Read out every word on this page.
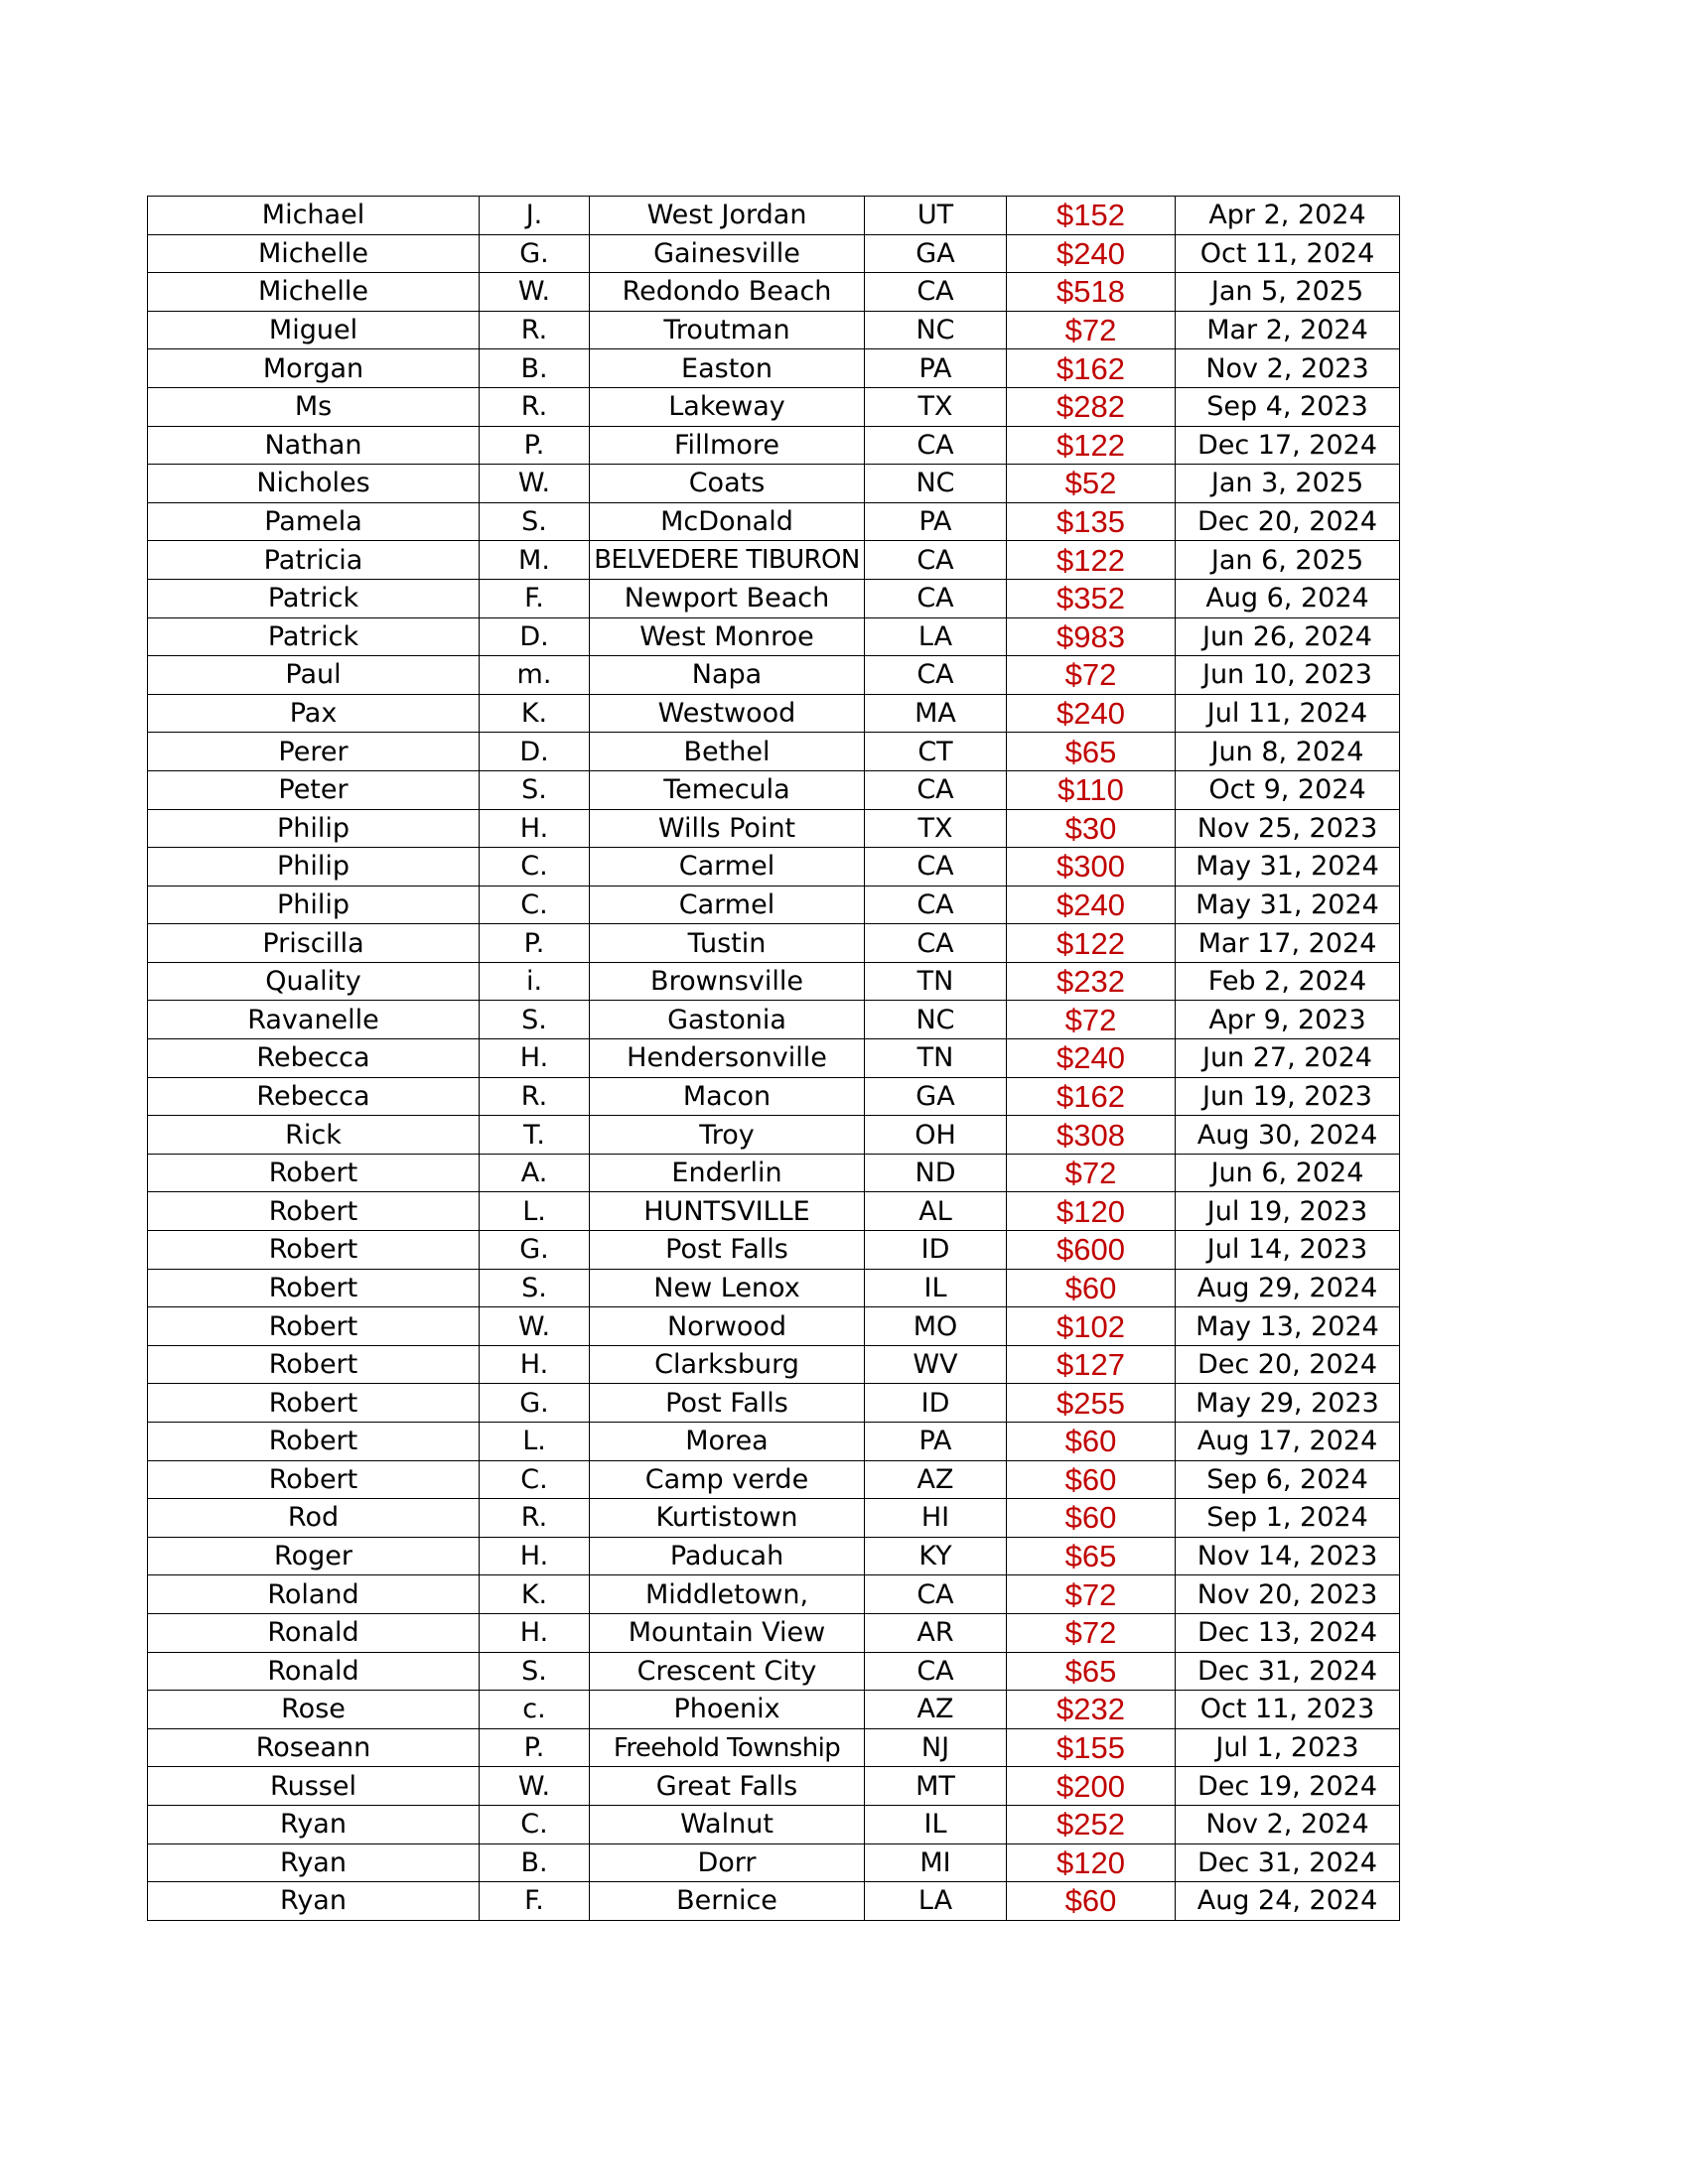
Michael	J.	West Jordan	UT	$152	Apr 2, 2024
Michelle	G.	Gainesville	GA	$240	Oct 11, 2024
Michelle	W.	Redondo Beach	CA	$518	Jan 5, 2025
Miguel	R.	Troutman	NC	$72	Mar 2, 2024
Morgan	B.	Easton	PA	$162	Nov 2, 2023
Ms	R.	Lakeway	TX	$282	Sep 4, 2023
Nathan	P.	Fillmore	CA	$122	Dec 17, 2024
Nicholes	W.	Coats	NC	$52	Jan 3, 2025
Pamela	S.	McDonald	PA	$135	Dec 20, 2024
Patricia	M.	BELVEDERE TIBURON	CA	$122	Jan 6, 2025
Patrick	F.	Newport Beach	CA	$352	Aug 6, 2024
Patrick	D.	West Monroe	LA	$983	Jun 26, 2024
Paul	m.	Napa	CA	$72	Jun 10, 2023
Pax	K.	Westwood	MA	$240	Jul 11, 2024
Perer	D.	Bethel	CT	$65	Jun 8, 2024
Peter	S.	Temecula	CA	$110	Oct 9, 2024
Philip	H.	Wills Point	TX	$30	Nov 25, 2023
Philip	C.	Carmel	CA	$300	May 31, 2024
Philip	C.	Carmel	CA	$240	May 31, 2024
Priscilla	P.	Tustin	CA	$122	Mar 17, 2024
Quality	i.	Brownsville	TN	$232	Feb 2, 2024
Ravanelle	S.	Gastonia	NC	$72	Apr 9, 2023
Rebecca	H.	Hendersonville	TN	$240	Jun 27, 2024
Rebecca	R.	Macon	GA	$162	Jun 19, 2023
Rick	T.	Troy	OH	$308	Aug 30, 2024
Robert	A.	Enderlin	ND	$72	Jun 6, 2024
Robert	L.	HUNTSVILLE	AL	$120	Jul 19, 2023
Robert	G.	Post Falls	ID	$600	Jul 14, 2023
Robert	S.	New Lenox	IL	$60	Aug 29, 2024
Robert	W.	Norwood	MO	$102	May 13, 2024
Robert	H.	Clarksburg	WV	$127	Dec 20, 2024
Robert	G.	Post Falls	ID	$255	May 29, 2023
Robert	L.	Morea	PA	$60	Aug 17, 2024
Robert	C.	Camp verde	AZ	$60	Sep 6, 2024
Rod	R.	Kurtistown	HI	$60	Sep 1, 2024
Roger	H.	Paducah	KY	$65	Nov 14, 2023
Roland	K.	Middletown,	CA	$72	Nov 20, 2023
Ronald	H.	Mountain View	AR	$72	Dec 13, 2024
Ronald	S.	Crescent City	CA	$65	Dec 31, 2024
Rose	c.	Phoenix	AZ	$232	Oct 11, 2023
Roseann	P.	Freehold Township	NJ	$155	Jul 1, 2023
Russel	W.	Great Falls	MT	$200	Dec 19, 2024
Ryan	C.	Walnut	IL	$252	Nov 2, 2024
Ryan	B.	Dorr	MI	$120	Dec 31, 2024
Ryan	F.	Bernice	LA	$60	Aug 24, 2024
